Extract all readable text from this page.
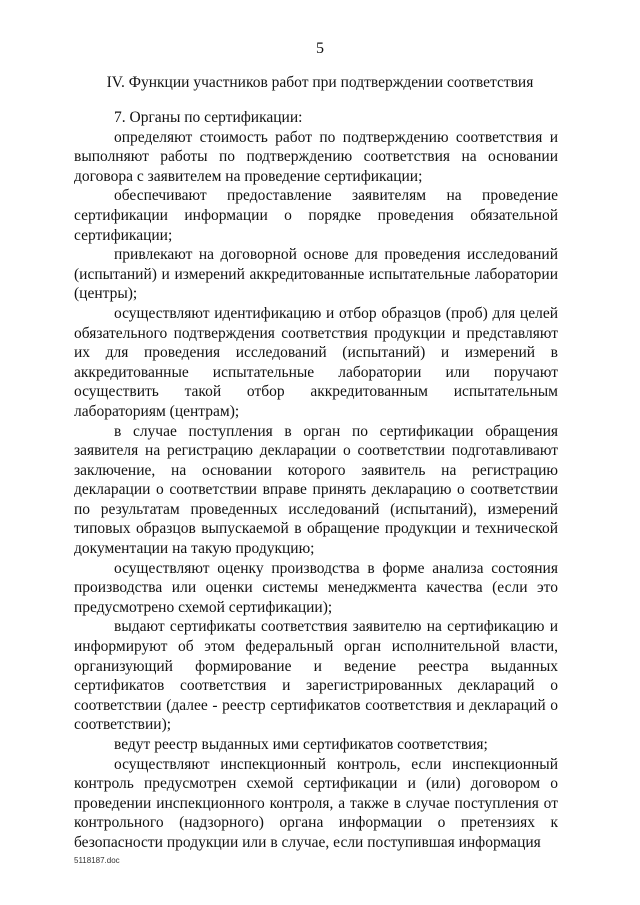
5
IV. Функции участников работ при подтверждении соответствия

7. Органы по сертификации:

определяют стоимость работ по подтверждению соответствия и выполняют работы по подтверждению соответствия на основании договора с заявителем на проведение сертификации;

обеспечивают предоставление заявителям на проведение сертификации информации о порядке проведения обязательной сертификации;

привлекают на договорной основе для проведения исследований (испытаний) и измерений аккредитованные испытательные лаборатории (центры);

осуществляют идентификацию и отбор образцов (проб) для целей обязательного подтверждения соответствия продукции и представляют их для проведения исследований (испытаний) и измерений в аккредитованные испытательные лаборатории или поручают осуществить такой отбор аккредитованным испытательным лабораториям (центрам);

в случае поступления в орган по сертификации обращения заявителя на регистрацию декларации о соответствии подготавливают заключение, на основании которого заявитель на регистрацию декларации о соответствии вправе принять декларацию о соответствии по результатам проведенных исследований (испытаний), измерений типовых образцов выпускаемой в обращение продукции и технической документации на такую продукцию;

осуществляют оценку производства в форме анализа состояния производства или оценки системы менеджмента качества (если это предусмотрено схемой сертификации);

выдают сертификаты соответствия заявителю на сертификацию и информируют об этом федеральный орган исполнительной власти, организующий формирование и ведение реестра выданных сертификатов соответствия и зарегистрированных деклараций о соответствии (далее - реестр сертификатов соответствия и деклараций о соответствии);

ведут реестр выданных ими сертификатов соответствия;

осуществляют инспекционный контроль, если инспекционный контроль предусмотрен схемой сертификации и (или) договором о проведении инспекционного контроля, а также в случае поступления от контрольного (надзорного) органа информации о претензиях к безопасности продукции или в случае, если поступившая информация

5118187.doc
